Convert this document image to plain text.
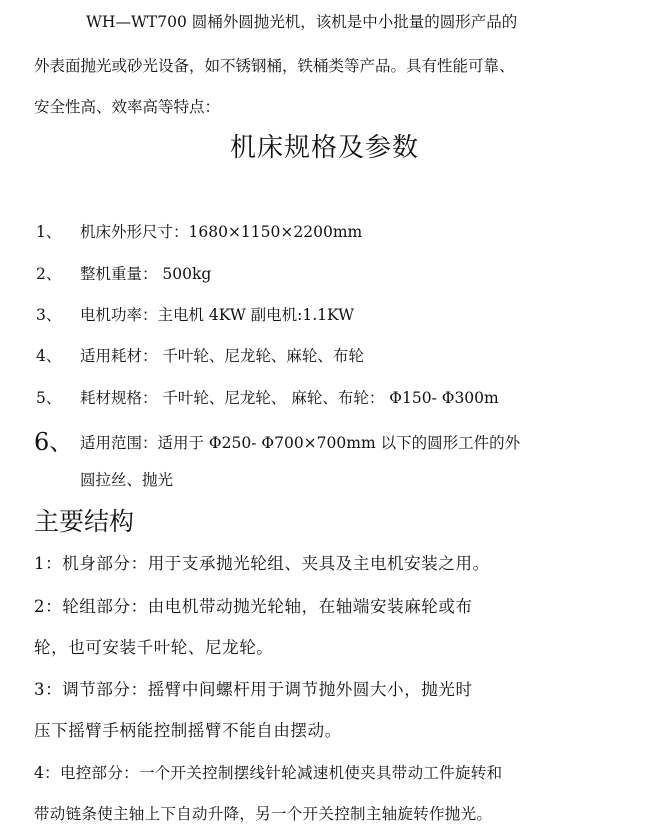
WH—WT700 圆桶外圆抛光机，该机是中小批量的圆形产品的
外表面抛光或砂光设备，如不锈钢桶，铁桶类等产品。具有性能可靠、
安全性高、效率高等特点：
机床规格及参数
1、 机床外形尺寸：1680×1150×2200mm
2、 整机重量： 500kg
3、 电机功率：主电机 4KW 副电机:1.1KW
4、 适用耗材： 千叶轮、尼龙轮、麻轮、布轮
5、 耗材规格： 千叶轮、尼龙轮、 麻轮、布轮： Φ150- Φ300m
6、 适用范围：适用于 Φ250- Φ700×700mm 以下的圆形工件的外
圆拉丝、抛光
主要结构
1：机身部分：用于支承抛光轮组、夹具及主电机安装之用。
2：轮组部分：由电机带动抛光轮轴，在轴端安装麻轮或布
轮，也可安装千叶轮、尼龙轮。
3：调节部分：摇臂中间螺杆用于调节抛外圆大小，抛光时
压下摇臂手柄能控制摇臂不能自由摆动。
4：电控部分：一个开关控制摆线针轮减速机使夹具带动工件旋转和
带动链条使主轴上下自动升降，另一个开关控制主轴旋转作抛光。
